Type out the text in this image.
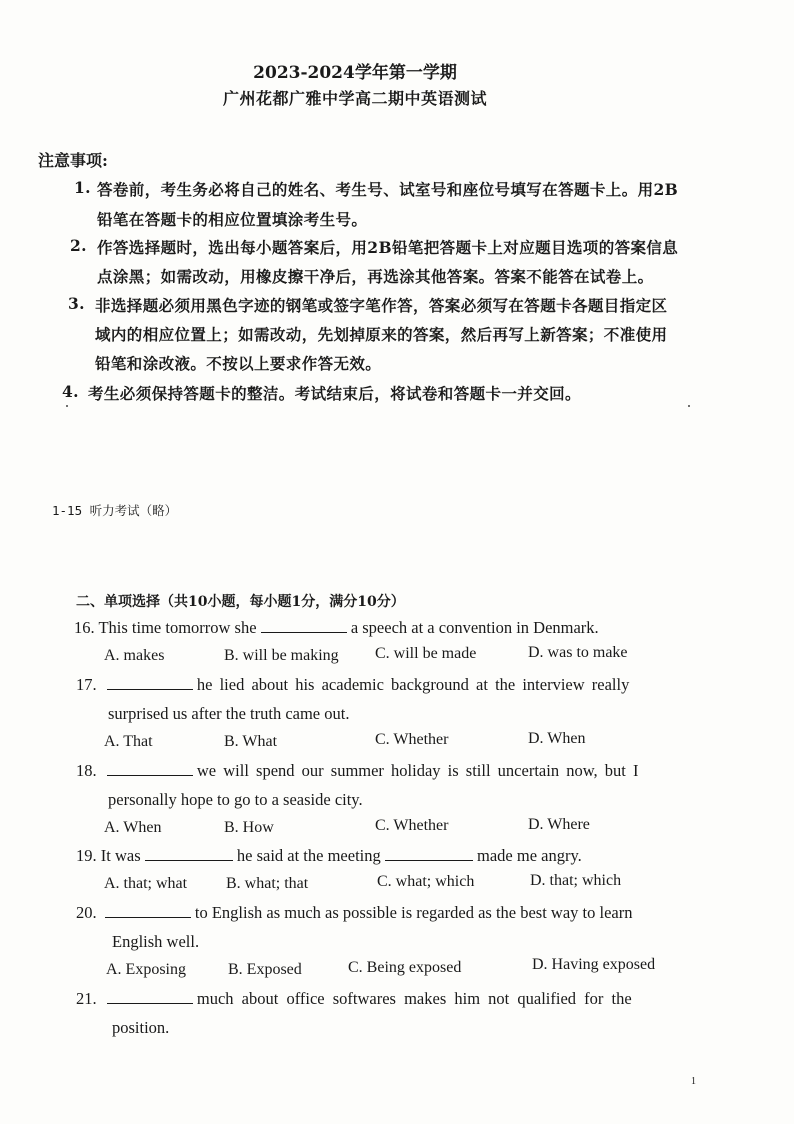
2023-2024学年第一学期
广州花都广雅中学高二期中英语测试
注意事项:
1. 答卷前，考生务必将自己的姓名、考生号、试室号和座位号填写在答题卡上。用2B
铅笔在答题卡的相应位置填涂考生号。
2. 作答选择题时，选出每小题答案后，用2B铅笔把答题卡上对应题目选项的答案信息
点涂黑；如需改动，用橡皮擦干净后，再选涂其他答案。答案不能答在试卷上。
3. 非选择题必须用黑色字迹的钢笔或签字笔作答，答案必须写在答题卡各题目指定区
域内的相应位置上；如需改动，先划掉原来的答案，然后再写上新答案；不准使用
铅笔和涂改液。不按以上要求作答无效。
4. 考生必须保持答题卡的整洁。考试结束后，将试卷和答题卡一并交回。
1-15 听力考试（略）
二、单项选择（共10小题，每小题1分，满分10分）
16. This time tomorrow she	a speech at a convention in Denmark.
A. makes	B. will be making C. will be made	D. was to make
17.	he lied about his academic background at the interview really
surprised us after the truth came out.
A. That	B. What	C. Whether	D. When
18.	we will spend our summer holiday is still uncertain now, but I
personally hope to go to a seaside city.
A. When	B. How	C. Whether	D. Where
19. It was	he said at the meeting	made me angry.
A. that; what B. what; that	C. what; which	D. that; which
20.	to English as much as possible is regarded as the best way to learn
English well.
A. Exposing	B. Exposed	C. Being exposed	D. Having exposed
21.	much about office softwares makes him not qualified for the
position.
1
